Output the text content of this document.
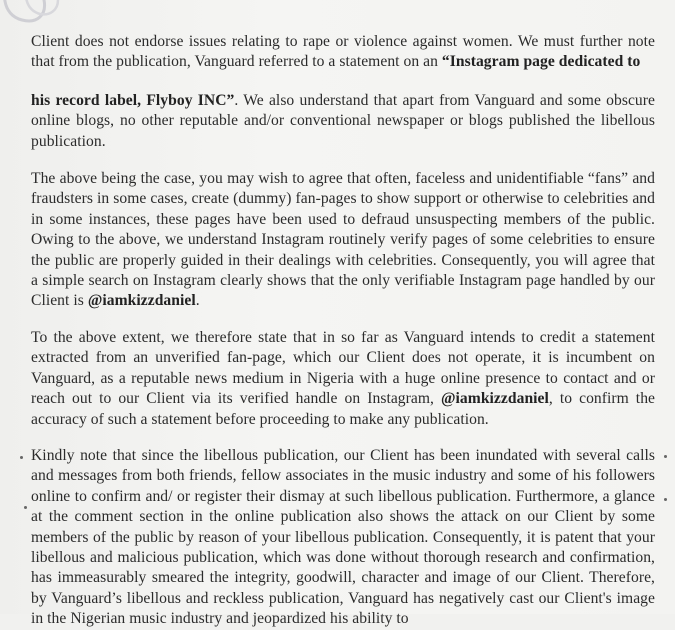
Client does not endorse issues relating to rape or violence against women. We must further note that from the publication, Vanguard referred to a statement on an “Instagram page dedicated to

his record label, Flyboy INC”. We also understand that apart from Vanguard and some obscure online blogs, no other reputable and/or conventional newspaper or blogs published the libellous publication.

The above being the case, you may wish to agree that often, faceless and unidentifiable “fans” and fraudsters in some cases, create (dummy) fan-pages to show support or otherwise to celebrities and in some instances, these pages have been used to defraud unsuspecting members of the public. Owing to the above, we understand Instagram routinely verify pages of some celebrities to ensure the public are properly guided in their dealings with celebrities. Consequently, you will agree that a simple search on Instagram clearly shows that the only verifiable Instagram page handled by our Client is @iamkizzdaniel.

To the above extent, we therefore state that in so far as Vanguard intends to credit a statement extracted from an unverified fan-page, which our Client does not operate, it is incumbent on Vanguard, as a reputable news medium in Nigeria with a huge online presence to contact and or reach out to our Client via its verified handle on Instagram, @iamkizzdaniel, to confirm the accuracy of such a statement before proceeding to make any publication.

Kindly note that since the libellous publication, our Client has been inundated with several calls and messages from both friends, fellow associates in the music industry and some of his followers online to confirm and/ or register their dismay at such libellous publication. Furthermore, a glance at the comment section in the online publication also shows the attack on our Client by some members of the public by reason of your libellous publication. Consequently, it is patent that your libellous and malicious publication, which was done without thorough research and confirmation, has immeasurably smeared the integrity, goodwill, character and image of our Client. Therefore, by Vanguard’s libellous and reckless publication, Vanguard has negatively cast our Client's image in the Nigerian music industry and jeopardized his ability to
